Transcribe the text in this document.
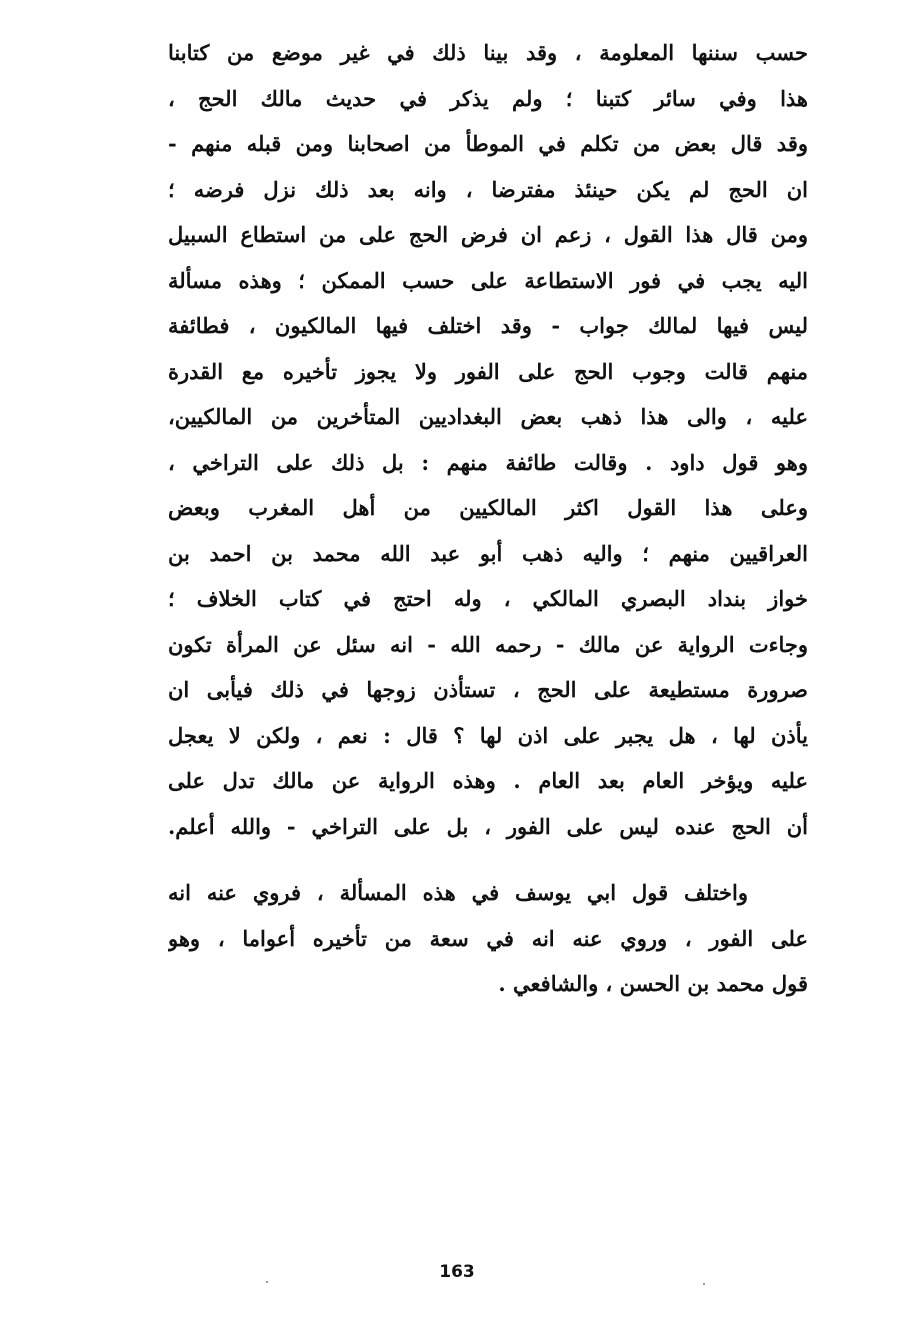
حسب سننها المعلومة ، وقد بينا ذلك في غير موضع من كتابنا
هذا وفي سائر كتبنا ؛ ولم يذكر في حديث مالك الحج ،
وقد قال بعض من تكلم في الموطأ من اصحابنا ومن قبله منهم -
ان الحج لم يكن حينئذ مفترضا ، وانه بعد ذلك نزل فرضه ؛
ومن قال هذا القول ، زعم ان فرض الحج على من استطاع السبيل
اليه يجب في فور الاستطاعة على حسب الممكن ؛ وهذه مسألة
ليس فيها لمالك جواب - وقد اختلف فيها المالكيون ، فطائفة
منهم قالت وجوب الحج على الفور ولا يجوز تأخيره مع القدرة
عليه ، والى هذا ذهب بعض البغداديين المتأخرين من المالكيين،
وهو قول داود . وقالت طائفة منهم : بل ذلك على التراخي ،
وعلى هذا القول اكثر المالكيين من أهل المغرب وبعض
العراقيين منهم ؛ واليه ذهب أبو عبد الله محمد بن احمد بن
خواز بنداد البصري المالكي ، وله احتج في كتاب الخلاف ؛
وجاءت الرواية عن مالك - رحمه الله - انه سئل عن المرأة تكون
صرورة مستطيعة على الحج ، تستأذن زوجها في ذلك فيأبى ان
يأذن لها ، هل يجبر على اذن لها ؟ قال : نعم ، ولكن لا يعجل
عليه ويؤخر العام بعد العام . وهذه الرواية عن مالك تدل على
أن الحج عنده ليس على الفور ، بل على التراخي - والله أعلم.
واختلف قول ابي يوسف في هذه المسألة ، فروي عنه انه
على الفور ، وروي عنه انه في سعة من تأخيره أعواما ، وهو
قول محمد بن الحسن ، والشافعي .
163
